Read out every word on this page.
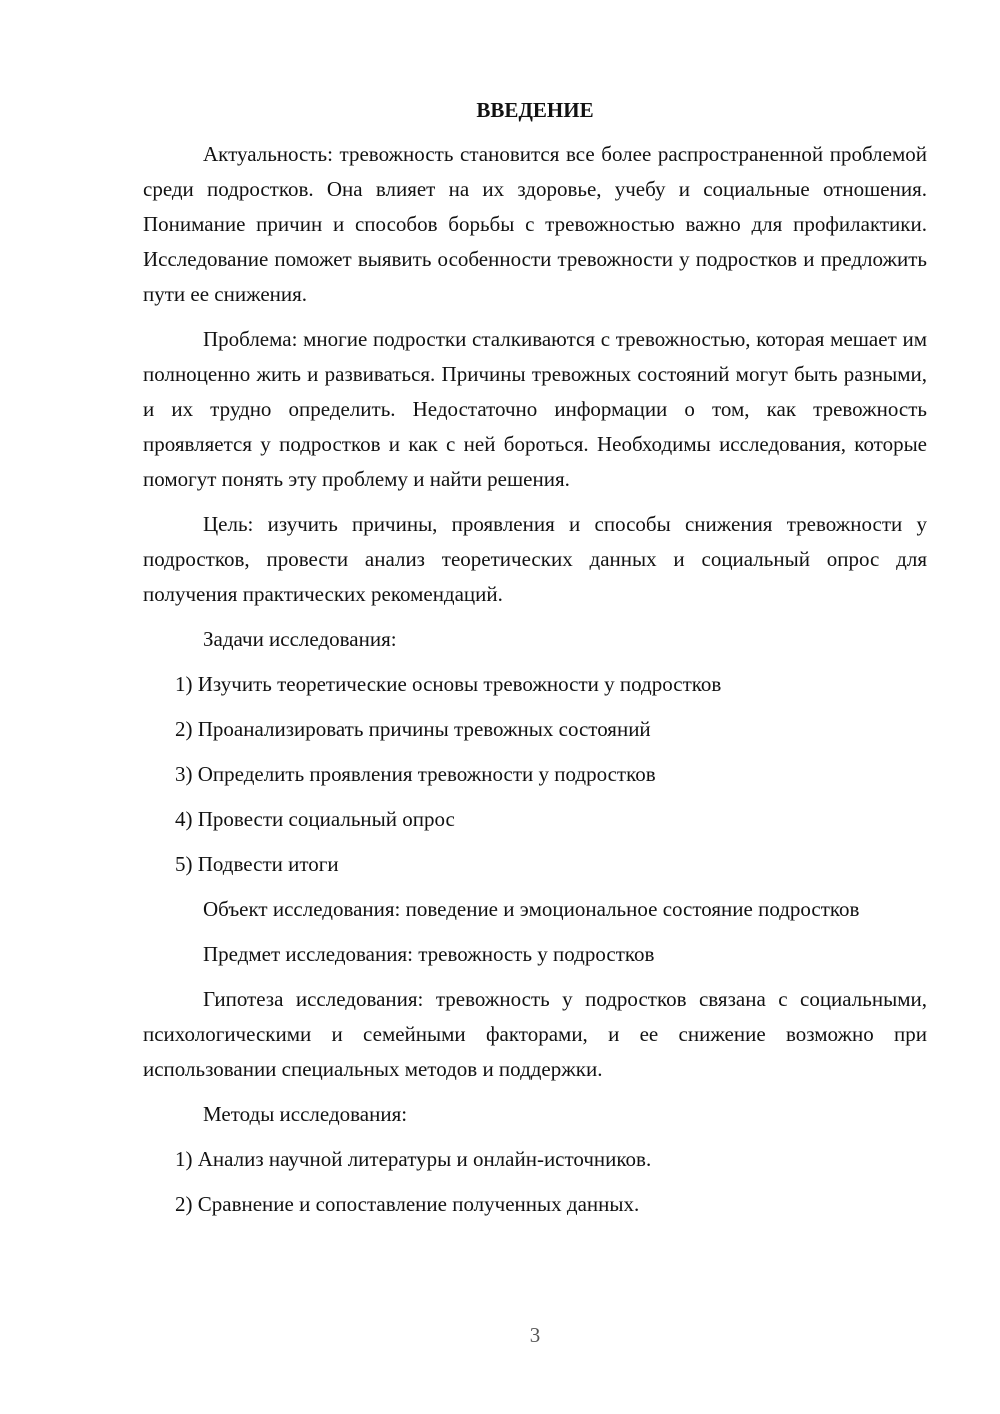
ВВЕДЕНИЕ

Актуальность: тревожность становится все более распространенной проблемой среди подростков. Она влияет на их здоровье, учебу и социальные отношения. Понимание причин и способов борьбы с тревожностью важно для профилактики. Исследование поможет выявить особенности тревожности у подростков и предложить пути ее снижения.

Проблема: многие подростки сталкиваются с тревожностью, которая мешает им полноценно жить и развиваться. Причины тревожных состояний могут быть разными, и их трудно определить. Недостаточно информации о том, как тревожность проявляется у подростков и как с ней бороться. Необходимы исследования, которые помогут понять эту проблему и найти решения.

Цель: изучить причины, проявления и способы снижения тревожности у подростков, провести анализ теоретических данных и социальный опрос для получения практических рекомендаций.

Задачи исследования:

1) Изучить теоретические основы тревожности у подростков

2) Проанализировать причины тревожных состояний

3) Определить проявления тревожности у подростков

4) Провести социальный опрос

5) Подвести итоги

Объект исследования: поведение и эмоциональное состояние подростков

Предмет исследования: тревожность у подростков

Гипотеза исследования: тревожность у подростков связана с социальными, психологическими и семейными факторами, и ее снижение возможно при использовании специальных методов и поддержки.

Методы исследования:

1) Анализ научной литературы и онлайн-источников.

2) Сравнение и сопоставление полученных данных.

3
